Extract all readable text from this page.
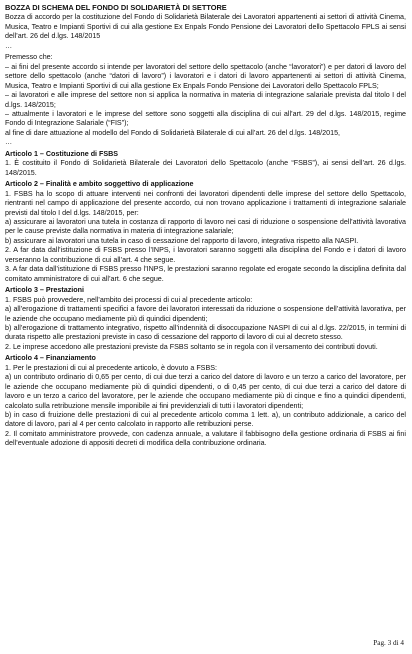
BOZZA DI SCHEMA DEL FONDO DI SOLIDARIETÀ DI SETTORE

Bozza di accordo per la costituzione del Fondo di Solidarietà Bilaterale dei Lavoratori appartenenti ai settori di attività Cinema, Musica, Teatro e Impianti Sportivi di cui alla gestione Ex Enpals Fondo Pensione dei Lavoratori dello Spettacolo FPLS ai sensi dell’art. 26 del d.lgs. 148/2015

…

Premesso che:

– ai fini del presente accordo si intende per lavoratori del settore dello spettacolo (anche “lavoratori”) e per datori di lavoro del settore dello spettacolo (anche “datori di lavoro”) i lavoratori e i datori di lavoro appartenenti ai settori di attività Cinema, Musica, Teatro e Impianti Sportivi di cui alla gestione Ex Enpals Fondo Pensione dei Lavoratori dello Spettacolo FPLS;

– ai lavoratori e alle imprese del settore non si applica la normativa in materia di integrazione salariale prevista dal titolo I del d.lgs. 148/2015;

– attualmente i lavoratori e le imprese del settore sono soggetti alla disciplina di cui all’art. 29 del d.lgs. 148/2015, regime Fondo di Integrazione Salariale (“FIS”);

al fine di dare attuazione al modello del Fondo di Solidarietà Bilaterale di cui all’art. 26 del d.lgs. 148/2015,

…

Articolo 1 – Costituzione di FSBS

1. È costituito il Fondo di Solidarietà Bilaterale dei Lavoratori dello Spettacolo (anche “FSBS”), ai sensi dell’art. 26 d.lgs. 148/2015.

Articolo 2 – Finalità e ambito soggettivo di applicazione

1. FSBS ha lo scopo di attuare interventi nei confronti dei lavoratori dipendenti delle imprese del settore dello Spettacolo, rientranti nel campo di applicazione del presente accordo, cui non trovano applicazione i trattamenti di integrazione salariale previsti dal titolo I del d.lgs. 148/2015, per:

a) assicurare ai lavoratori una tutela in costanza di rapporto di lavoro nei casi di riduzione o sospensione dell’attività lavorativa per le cause previste dalla normativa in materia di integrazione salariale;

b) assicurare ai lavoratori una tutela in caso di cessazione del rapporto di lavoro, integrativa rispetto alla NASPI.

2. A far data dall’istituzione di FSBS presso l’INPS, i lavoratori saranno soggetti alla disciplina del Fondo e i datori di lavoro verseranno la contribuzione di cui all’art. 4 che segue.

3. A far data dall’istituzione di FSBS presso l’INPS, le prestazioni saranno regolate ed erogate secondo la disciplina definita dal comitato amministratore di cui all’art. 6 che segue.

Articolo 3 – Prestazioni

1. FSBS può provvedere, nell’ambito dei processi di cui al precedente articolo:

a) all’erogazione di trattamenti specifici a favore dei lavoratori interessati da riduzione o sospensione dell’attività lavorativa, per le aziende che occupano mediamente più di quindici dipendenti;

b) all’erogazione di trattamento integrativo, rispetto all’indennità di disoccupazione NASPI di cui al d.lgs. 22/2015, in termini di durata rispetto alle prestazioni previste in caso di cessazione del rapporto di lavoro di cui al decreto stesso.

2. Le imprese accedono alle prestazioni previste da FSBS soltanto se in regola con il versamento dei contributi dovuti.

Articolo 4 – Finanziamento

1. Per le prestazioni di cui al precedente articolo, è dovuto a FSBS:

a) un contributo ordinario di 0,65 per cento, di cui due terzi a carico del datore di lavoro e un terzo a carico del lavoratore, per le aziende che occupano mediamente più di quindici dipendenti, o di 0,45 per cento, di cui due terzi a carico del datore di lavoro e un terzo a carico del lavoratore, per le aziende che occupano mediamente più di cinque e fino a quindici dipendenti, calcolato sulla retribuzione mensile imponibile ai fini previdenziali di tutti i lavoratori dipendenti;

b) in caso di fruizione delle prestazioni di cui al precedente articolo comma 1 lett. a), un contributo addizionale, a carico del datore di lavoro, pari al 4 per cento calcolato in rapporto alle retribuzioni perse.

2. Il comitato amministratore provvede, con cadenza annuale, a valutare il fabbisogno della gestione ordinaria di FSBS ai fini dell’eventuale adozione di appositi decreti di modifica della contribuzione ordinaria.

Pag. 3 di 4
